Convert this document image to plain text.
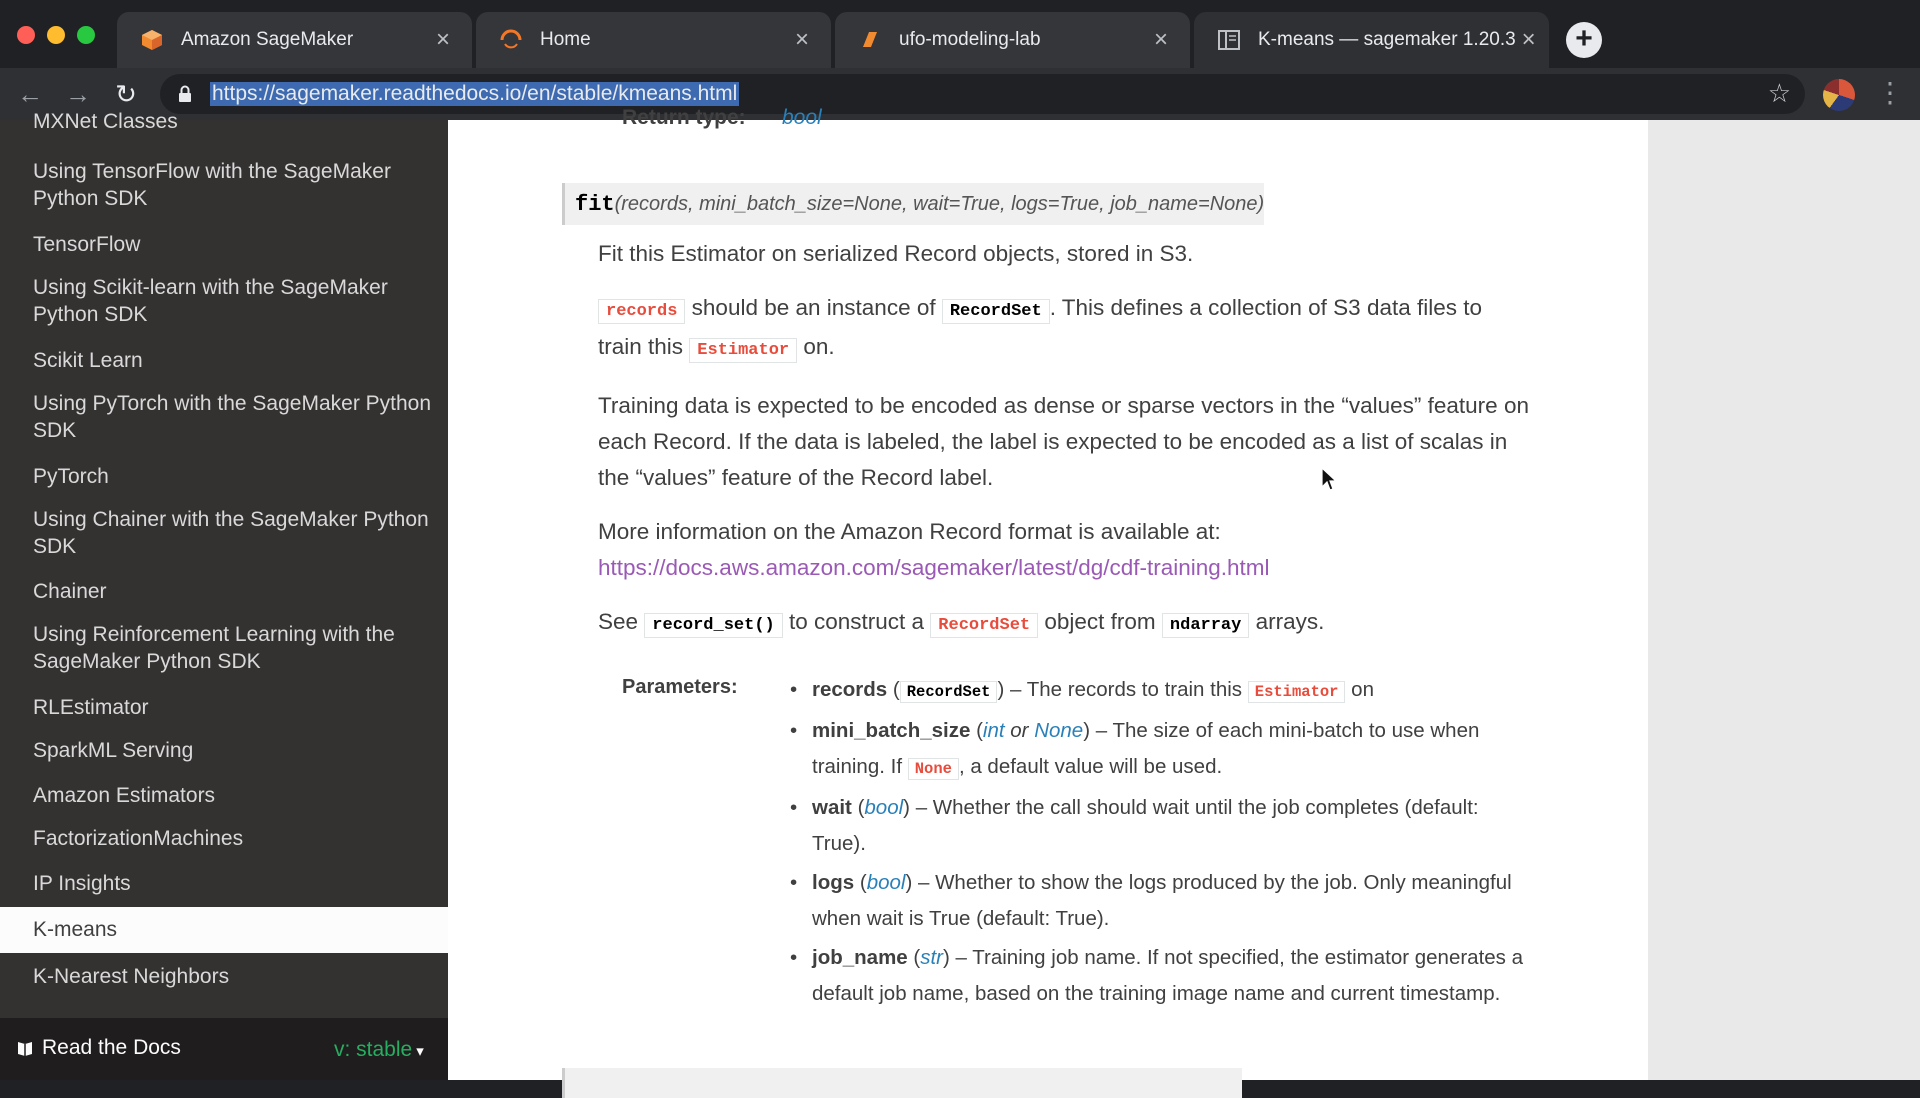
Amazon SageMaker	×	Home	×	ufo-modeling-lab	×	K-means — sagemaker 1.20.3 ×	+
← → ↻	https://sagemaker.readthedocs.io/en/stable/kmeans.html	☆	⋮
MXNet Classes
Using TensorFlow with the SageMaker Python SDK
TensorFlow
Using Scikit-learn with the SageMaker Python SDK
Scikit Learn
Using PyTorch with the SageMaker Python SDK
PyTorch
Using Chainer with the SageMaker Python SDK
Chainer
Using Reinforcement Learning with the SageMaker Python SDK
RLEstimator
SparkML Serving
Amazon Estimators
FactorizationMachines
IP Insights
K-means
K-Nearest Neighbors
Read the Docs	v: stable ▾
Return type: bool
fit (records, mini_batch_size=None, wait=True, logs=True, job_name=None)
Fit this Estimator on serialized Record objects, stored in S3.
records should be an instance of RecordSet . This defines a collection of S3 data files to
train this Estimator on.
Training data is expected to be encoded as dense or sparse vectors in the “values” feature on
each Record. If the data is labeled, the label is expected to be encoded as a list of scalas in
the “values” feature of the Record label.
More information on the Amazon Record format is available at:
https://docs.aws.amazon.com/sagemaker/latest/dg/cdf-training.html
See record_set() to construct a RecordSet object from ndarray arrays.
Parameters:
•	records ( RecordSet ) – The records to train this Estimator on
• mini_batch_size (int or None) – The size of each mini-batch to use when
training. If None , a default value will be used.
• wait (bool) – Whether the call should wait until the job completes (default:
True).
• logs (bool) – Whether to show the logs produced by the job. Only meaningful
when wait is True (default: True).
• job_name (str) – Training job name. If not specified, the estimator generates a
default job name, based on the training image name and current timestamp.
